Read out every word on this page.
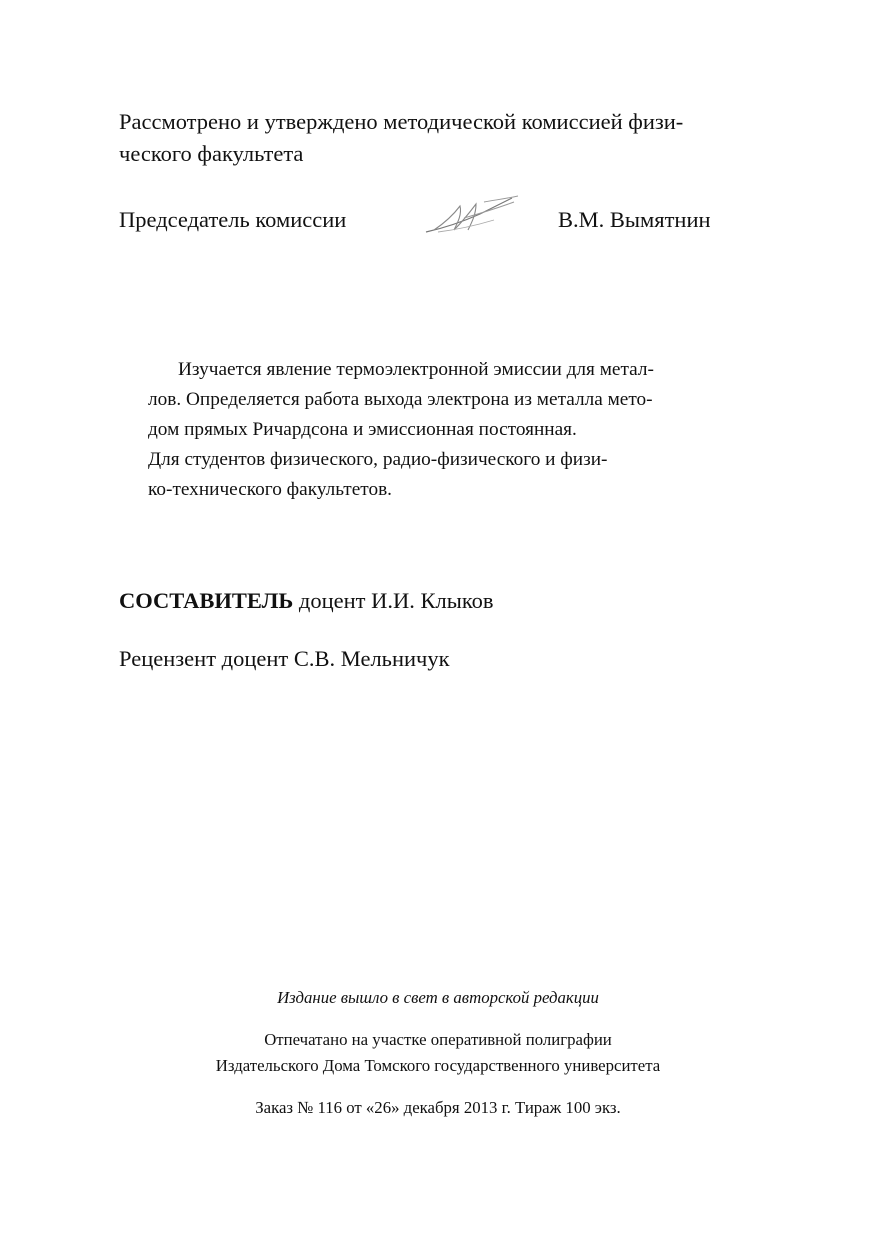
Рассмотрено и утверждено методической комиссией физи-
ческого факультета
Председатель комиссии	В.М. Вымятнин

Изучается явление термоэлектронной эмиссии для метал-

лов. Определяется работа выхода электрона из металла мето-

дом прямых Ричардсона и эмиссионная постоянная.

Для студентов физического, радио-физического и физи-

ко-технического факультетов.

СОСТАВИТЕЛЬ доцент И.И. Клыков
Рецензент доцент С.В. Мельничук
Издание вышло в свет в авторской редакции
Отпечатано на участке оперативной полиграфии
Издательского Дома Томского государственного университета
Заказ № 116 от «26» декабря 2013 г. Тираж 100 экз.
